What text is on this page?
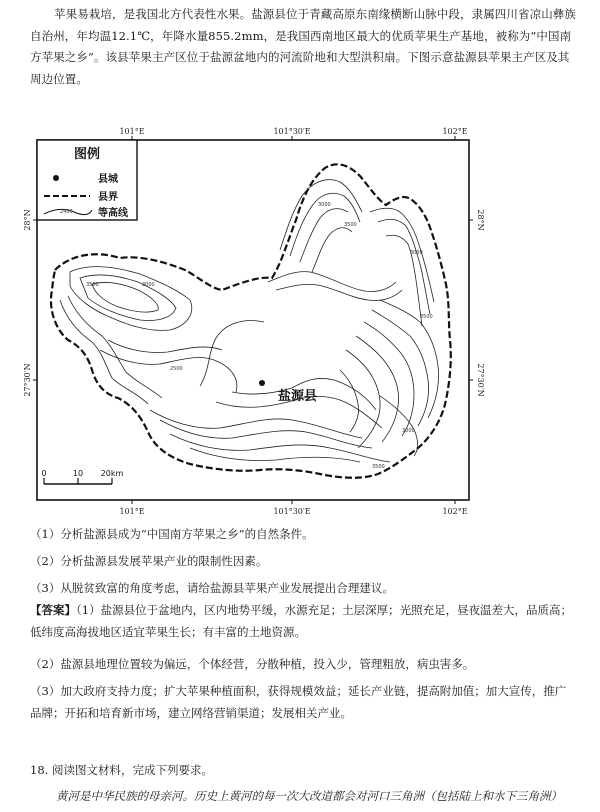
苹果易栽培，是我国北方代表性水果。盐源县位于青藏高原东南缘横断山脉中段，隶属四川省凉山彝族自治州，年均温12.1℃，年降水量855.2mm，是我国西南地区最大的优质苹果生产基地，被称为“中国南方苹果之乡”。该县苹果主产区位于盐源盆地内的河流阶地和大型洪积扇。下图示意盐源县苹果主产区及其周边位置。
101°E	101°30′E	102°E
101°E	101°30′E	102°E
28°N
27°30′N
28°N
27°30′N
图例
县城
县界
2400	等高线
3500	3000
2500
3000
3500
3000
3500
3000
3500
盐源县
0	10 20km
（1）分析盐源县成为“中国南方苹果之乡”的自然条件。
（2）分析盐源县发展苹果产业的限制性因素。
（3）从脱贫致富的角度考虑，请给盐源县苹果产业发展提出合理建议。
【答案】（1）盐源县位于盆地内，区内地势平缓，水源充足；土层深厚；光照充足，昼夜温差大，品质高；低纬度高海拔地区适宜苹果生长；有丰富的土地资源。
（2）盐源县地理位置较为偏远，个体经营，分散种植，投入少，管理粗放，病虫害多。
（3）加大政府支持力度；扩大苹果种植面积，获得规模效益；延长产业链，提高附加值；加大宣传，推广品牌；开拓和培育新市场，建立网络营销渠道；发展相关产业。
18. 阅读图文材料，完成下列要求。
黄河是中华民族的母亲河。历史上黄河的每一次大改道都会对河口三角洲（包括陆上和水下三角洲）
